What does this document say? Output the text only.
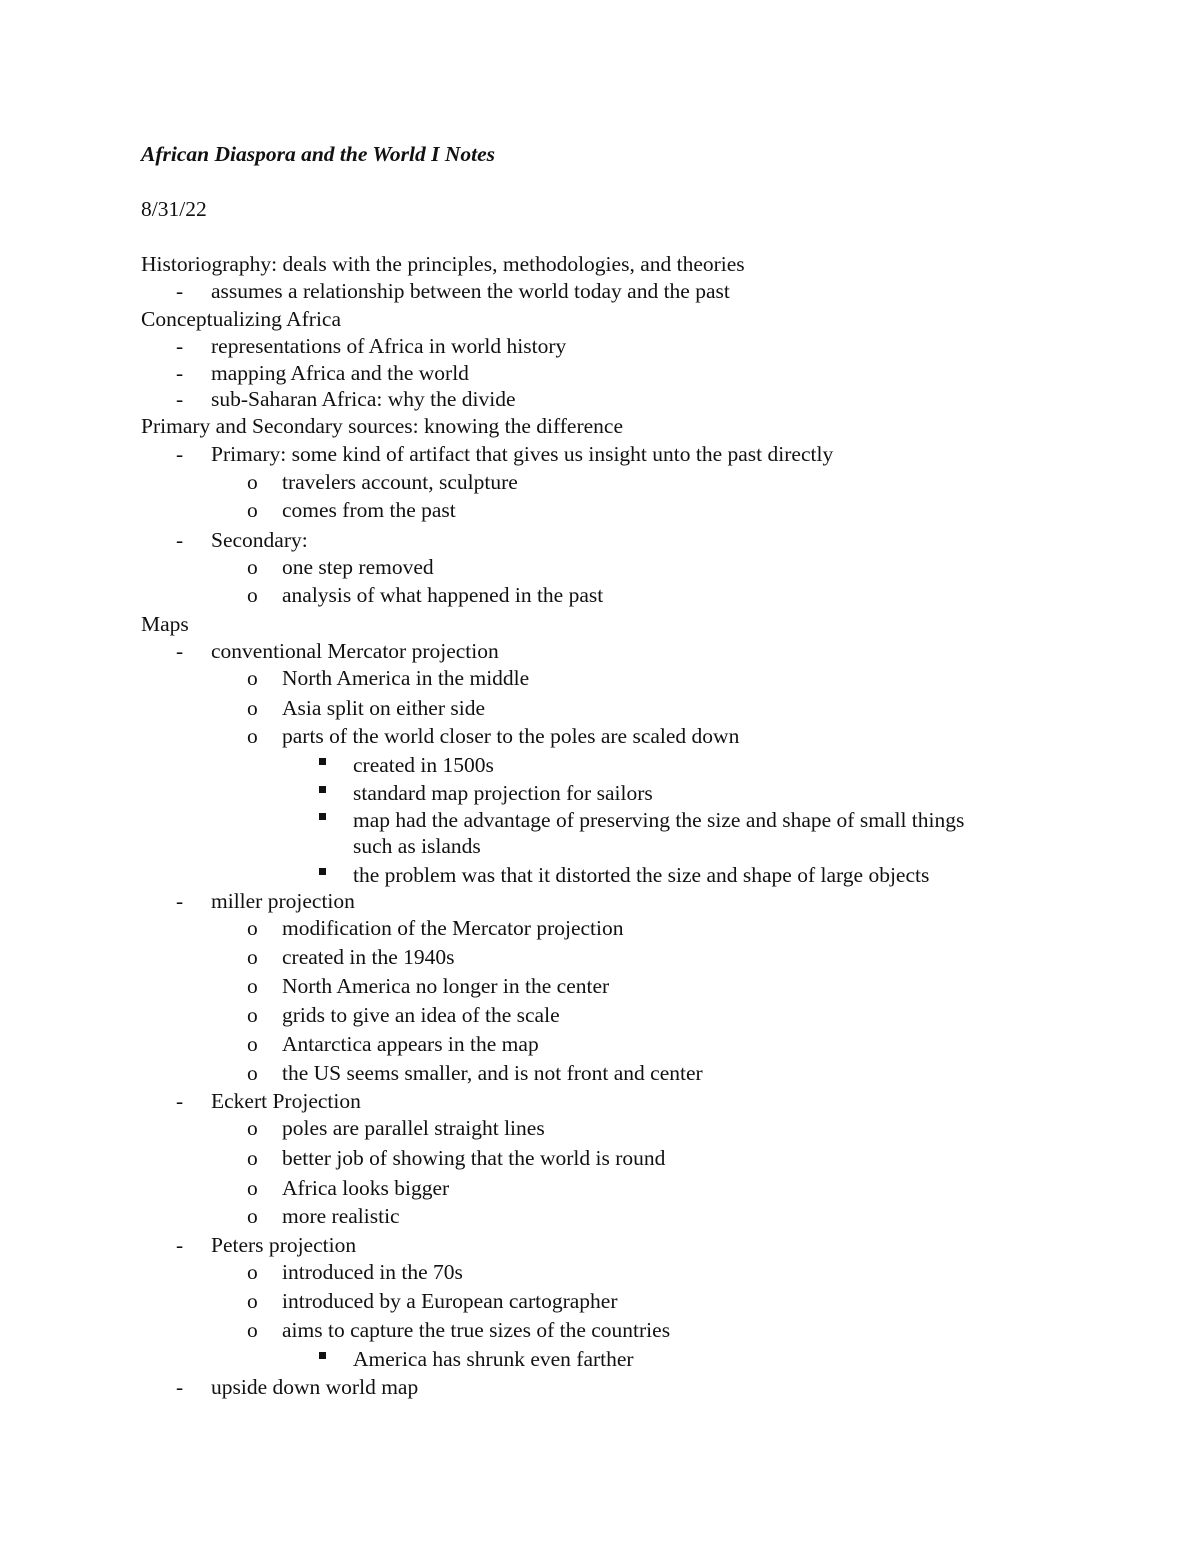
African Diaspora and the World I Notes
8/31/22
Historiography: deals with the principles, methodologies, and theories
- assumes a relationship between the world today and the past
Conceptualizing Africa
- representations of Africa in world history
- mapping Africa and the world
- sub-Saharan Africa: why the divide
Primary and Secondary sources: knowing the difference
- Primary: some kind of artifact that gives us insight unto the past directly
o travelers account, sculpture
o comes from the past
- Secondary:
o one step removed
o analysis of what happened in the past
Maps
- conventional Mercator projection
o North America in the middle
o Asia split on either side
o parts of the world closer to the poles are scaled down
created in 1500s
standard map projection for sailors
map had the advantage of preserving the size and shape of small things
such as islands
the problem was that it distorted the size and shape of large objects
- miller projection
o modification of the Mercator projection
o created in the 1940s
o North America no longer in the center
o grids to give an idea of the scale
o Antarctica appears in the map
o the US seems smaller, and is not front and center
- Eckert Projection
o poles are parallel straight lines
o better job of showing that the world is round
o Africa looks bigger
o more realistic
- Peters projection
o introduced in the 70s
o introduced by a European cartographer
o aims to capture the true sizes of the countries
America has shrunk even farther
- upside down world map
